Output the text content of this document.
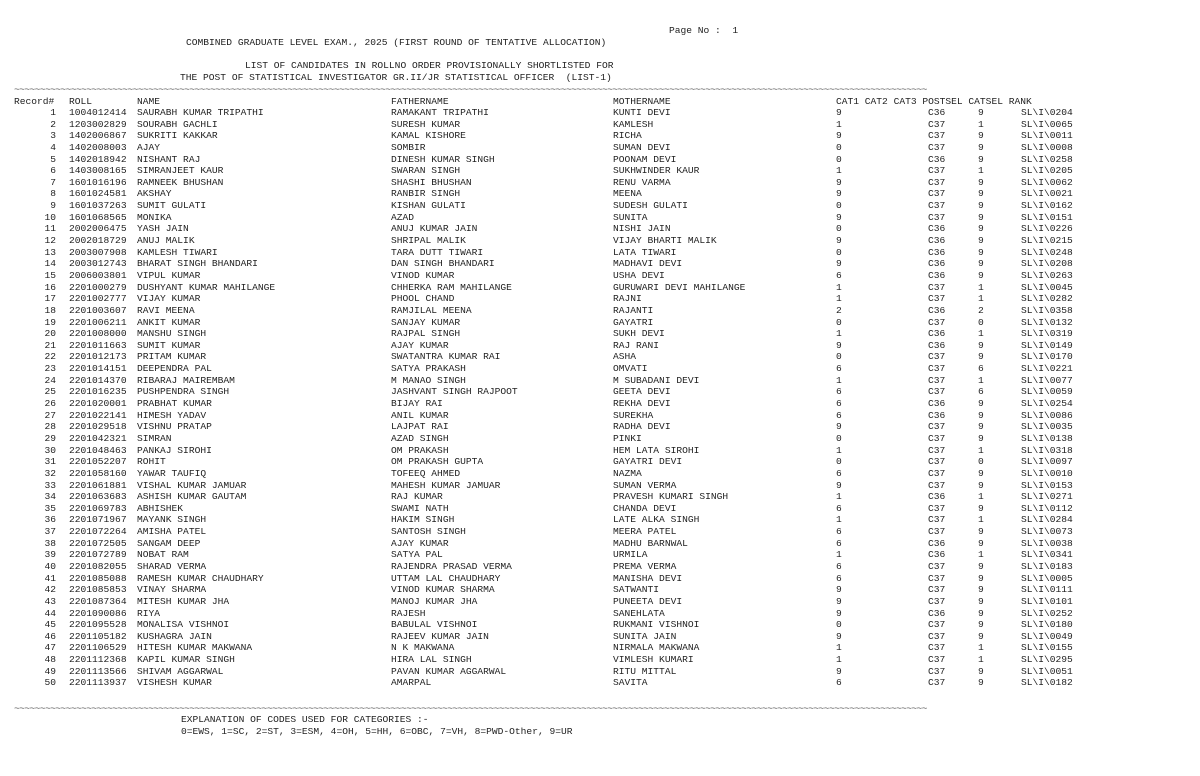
Page No : 1
COMBINED GRADUATE LEVEL EXAM., 2025 (FIRST ROUND OF TENTATIVE ALLOCATION)
LIST OF CANDIDATES IN ROLLNO ORDER PROVISIONALLY SHORTLISTED FOR
THE POST OF STATISTICAL INVESTIGATOR GR.II/JR STATISTICAL OFFICER  (LIST-1)
~~~~~~~~~~~~~~~~~~~~~~~~~~~~~~~~~~~~~~~~~~~~~~~~~~~~~~~~~~~~~~~~~~~~~~~~~~~~~~~~~~~~~~~~~~~~~~~~~~~~~~~~~~~~~~~~~~~~~~~~~~~~~~~~~~~~~~~~~~~~~~~~~~~~~~~~~~~~~~~~~~~~~~~~~~~~~~~~~
Record# ROLL	NAME	FATHERNAME	MOTHERNAME	CAT1 CAT2 CAT3 POSTSEL CATSEL RANK
1 1004012414 SAURABH KUMAR TRIPATHI	RAMAKANT TRIPATHI	KUNTI DEVI	9	C36	9	SL\I\0204
2 1203002829 SOURABH GACHLI	SURESH KUMAR	KAMLESH	1	C37	1	SL\I\0065
3 1402006867 SUKRITI KAKKAR	KAMAL KISHORE	RICHA	9	C37	9	SL\I\0011
4 1402008003 AJAY	SOMBIR	SUMAN DEVI	0	C37	9	SL\I\0008
5 1402018942 NISHANT RAJ	DINESH KUMAR SINGH	POONAM DEVI	0	C36	9	SL\I\0258
6 1403008165 SIMRANJEET KAUR	SWARAN SINGH	SUKHWINDER KAUR	1	C37	1	SL\I\0205
7 1601016196 RAMNEEK BHUSHAN	SHASHI BHUSHAN	RENU VARMA	9	C37	9	SL\I\0062
8 1601024581 AKSHAY	RANBIR SINGH	MEENA	9	C37	9	SL\I\0021
9 1601037263 SUMIT GULATI	KISHAN GULATI	SUDESH GULATI	0	C37	9	SL\I\0162
10 1601068565 MONIKA	AZAD	SUNITA	9	C37	9	SL\I\0151
11 2002006475 YASH JAIN	ANUJ KUMAR JAIN	NISHI JAIN	0	C36	9	SL\I\0226
12 2002018729 ANUJ MALIK	SHRIPAL MALIK	VIJAY BHARTI MALIK	9	C36	9	SL\I\0215
13 2003007908 KAMLESH TIWARI	TARA DUTT TIWARI	LATA TIWARI	0	C36	9	SL\I\0248
14 2003012743 BHARAT SINGH BHANDARI	DAN SINGH BHANDARI	MADHAVI DEVI	9	C36	9	SL\I\0208
15 2006003801 VIPUL KUMAR	VINOD KUMAR	USHA DEVI	6	C36	9	SL\I\0263
16 2201000279 DUSHYANT KUMAR MAHILANGE	CHHERKA RAM MAHILANGE	GURUWARI DEVI MAHILANGE	1	C37	1	SL\I\0045
17 2201002777 VIJAY KUMAR	PHOOL CHAND	RAJNI	1	C37	1	SL\I\0282
18 2201003607 RAVI MEENA	RAMJILAL MEENA	RAJANTI	2	C36	2	SL\I\0358
19 2201006211 ANKIT KUMAR	SANJAY KUMAR	GAYATRI	0	C37	0	SL\I\0132
20 2201008000 MANSHU SINGH	RAJPAL SINGH	SUKH DEVI	1	C36	1	SL\I\0319
21 2201011663 SUMIT KUMAR	AJAY KUMAR	RAJ RANI	9	C36	9	SL\I\0149
22 2201012173 PRITAM KUMAR	SWATANTRA KUMAR RAI	ASHA	0	C37	9	SL\I\0170
23 2201014151 DEEPENDRA PAL	SATYA PRAKASH	OMVATI	6	C37	6	SL\I\0221
24 2201014370 RIBARAJ MAIREMBAM	M MANAO SINGH	M SUBADANI DEVI	1	C37	1	SL\I\0077
25 2201016235 PUSHPENDRA SINGH	JASHVANT SINGH RAJPOOT	GEETA DEVI	6	C37	6	SL\I\0059
26 2201020001 PRABHAT KUMAR	BIJAY RAI	REKHA DEVI	6	C36	9	SL\I\0254
27 2201022141 HIMESH YADAV	ANIL KUMAR	SUREKHA	6	C36	9	SL\I\0086
28 2201029518 VISHNU PRATAP	LAJPAT RAI	RADHA DEVI	9	C37	9	SL\I\0035
29 2201042321 SIMRAN	AZAD SINGH	PINKI	0	C37	9	SL\I\0138
30 2201048463 PANKAJ SIROHI	OM PRAKASH	HEM LATA SIROHI	1	C37	1	SL\I\0318
31 2201052207 ROHIT	OM PRAKASH GUPTA	GAYATRI DEVI	0	C37	0	SL\I\0097
32 2201058160 YAWAR TAUFIQ	TOFEEQ AHMED	NAZMA	6	C37	9	SL\I\0010
33 2201061881 VISHAL KUMAR JAMUAR	MAHESH KUMAR JAMUAR	SUMAN VERMA	9	C37	9	SL\I\0153
34 2201063683 ASHISH KUMAR GAUTAM	RAJ KUMAR	PRAVESH KUMARI SINGH	1	C36	1	SL\I\0271
35 2201069783 ABHISHEK	SWAMI NATH	CHANDA DEVI	6	C37	9	SL\I\0112
36 2201071967 MAYANK SINGH	HAKIM SINGH	LATE ALKA SINGH	1	C37	1	SL\I\0284
37 2201072264 AMISHA PATEL	SANTOSH SINGH	MEERA PATEL	6	C37	9	SL\I\0073
38 2201072505 SANGAM DEEP	AJAY KUMAR	MADHU BARNWAL	6	C36	9	SL\I\0038
39 2201072789 NOBAT RAM	SATYA PAL	URMILA	1	C36	1	SL\I\0341
40 2201082055 SHARAD VERMA	RAJENDRA PRASAD VERMA	PREMA VERMA	6	C37	9	SL\I\0183
41 2201085088 RAMESH KUMAR CHAUDHARY	UTTAM LAL CHAUDHARY	MANISHA DEVI	6	C37	9	SL\I\0005
42 2201085853 VINAY SHARMA	VINOD KUMAR SHARMA	SATWANTI	9	C37	9	SL\I\0111
43 2201087364 MITESH KUMAR JHA	MANOJ KUMAR JHA	PUNEETA DEVI	9	C37	9	SL\I\0101
44 2201090086 RIYA	RAJESH	SANEHLATA	9	C36	9	SL\I\0252
45 2201095528 MONALISA VISHNOI	BABULAL VISHNOI	RUKMANI VISHNOI	0	C37	9	SL\I\0180
46 2201105182 KUSHAGRA JAIN	RAJEEV KUMAR JAIN	SUNITA JAIN	9	C37	9	SL\I\0049
47 2201106529 HITESH KUMAR MAKWANA	N K MAKWANA	NIRMALA MAKWANA	1	C37	1	SL\I\0155
48 2201112368 KAPIL KUMAR SINGH	HIRA LAL SINGH	VIMLESH KUMARI	1	C37	1	SL\I\0295
49 2201113566 SHIVAM AGGARWAL	PAVAN KUMAR AGGARWAL	RITU MITTAL	9	C37	9	SL\I\0051
50 2201113937 VISHESH KUMAR	AMARPAL	SAVITA	6	C37	9	SL\I\0182
~~~~~~~~~~~~~~~~~~~~~~~~~~~~~~~~~~~~~~~~~~~~~~~~~~~~~~~~~~~~~~~~~~~~~~~~~~~~~~~~~~~~~~~~~~~~~~~~~~~~~~~~~~~~~~~~~~~~~~~~~~~~~~~~~~~~~~~~~~~~~~~~~~~~~~~~~~~~~~~~~~~~~~~~~~~~~~~~~
EXPLANATION OF CODES USED FOR CATEGORIES :-
0=EWS, 1=SC, 2=ST, 3=ESM, 4=OH, 5=HH, 6=OBC, 7=VH, 8=PWD-Other, 9=UR
